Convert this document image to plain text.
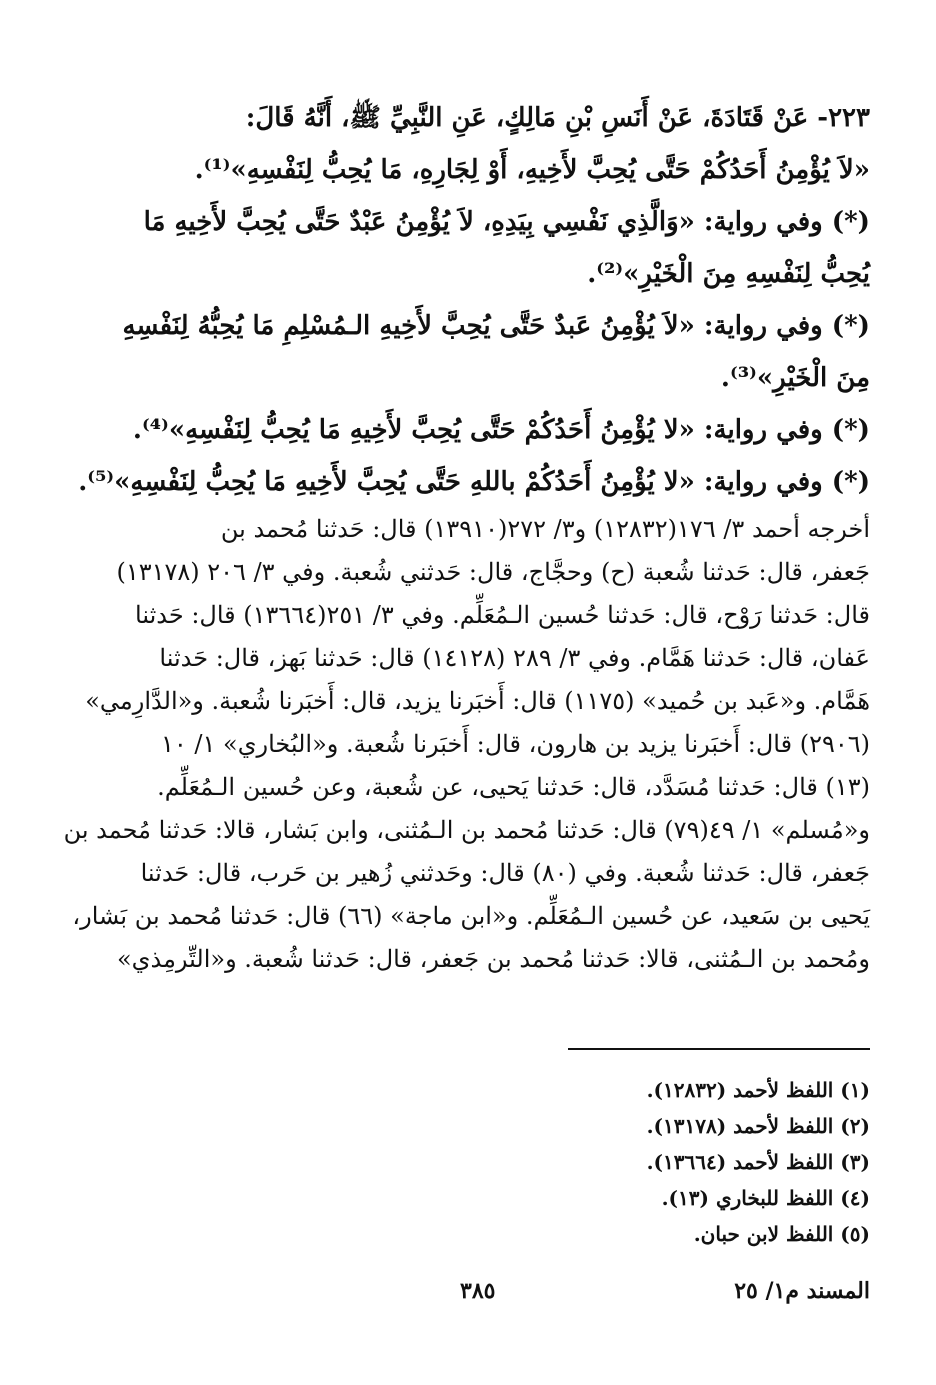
٢٢٣- عَنْ قَتَادَةَ، عَنْ أَنَسِ بْنِ مَالِكٍ، عَنِ النَّبِيِّ ﷺ، أَنَّهُ قَالَ:
«لاَ يُؤْمِنُ أَحَدُكُمْ حَتَّى يُحِبَّ لأَخِيهِ، أَوْ لِجَارِهِ، مَا يُحِبُّ لِنَفْسِهِ»⁽¹⁾.
(*) وفي رواية: «وَالَّذِي نَفْسِي بِيَدِهِ، لاَ يُؤْمِنُ عَبْدٌ حَتَّى يُحِبَّ لأَخِيهِ مَا
يُحِبُّ لِنَفْسِهِ مِنَ الْخَيْرِ»⁽²⁾.
(*) وفي رواية: «لاَ يُؤْمِنُ عَبدٌ حَتَّى يُحِبَّ لأَخِيهِ الـمُسْلِمِ مَا يُحِبُّهُ لِنَفْسِهِ
مِنَ الْخَيْرِ»⁽³⁾.
(*) وفي رواية: «لا يُؤْمِنُ أَحَدُكُمْ حَتَّى يُحِبَّ لأَخِيهِ مَا يُحِبُّ لِنَفْسِهِ»⁽⁴⁾.
(*) وفي رواية: «لا يُؤْمِنُ أَحَدُكُمْ باللهِ حَتَّى يُحِبَّ لأَخِيهِ مَا يُحِبُّ لِنَفْسِهِ»⁽⁵⁾.
أخرجه أحمد ٣/ ١٧٦(١٢٨٣٢) و٣/ ٢٧٢(١٣٩١٠) قال: حَدثنا مُحمد بن
جَعفر، قال: حَدثنا شُعبة (ح) وحجَّاج، قال: حَدثني شُعبة. وفي ٣/ ٢٠٦ (١٣١٧٨)
قال: حَدثنا رَوْح، قال: حَدثنا حُسين الـمُعَلِّم. وفي ٣/ ٢٥١(١٣٦٦٤) قال: حَدثنا
عَفان، قال: حَدثنا هَمَّام. وفي ٣/ ٢٨٩ (١٤١٢٨) قال: حَدثنا بَهز، قال: حَدثنا
هَمَّام. و«عَبد بن حُميد» (١١٧٥) قال: أَخبَرنا يزيد، قال: أَخبَرنا شُعبة. و«الدَّارِمي»
(٢٩٠٦) قال: أَخبَرنا يزيد بن هارون، قال: أَخبَرنا شُعبة. و«البُخاري» ١/ ١٠
(١٣) قال: حَدثنا مُسَدَّد، قال: حَدثنا يَحيى، عن شُعبة، وعن حُسين الـمُعَلِّم.
و«مُسلم» ١/ ٤٩(٧٩) قال: حَدثنا مُحمد بن الـمُثنى، وابن بَشار، قالا: حَدثنا مُحمد بن
جَعفر، قال: حَدثنا شُعبة. وفي (٨٠) قال: وحَدثني زُهير بن حَرب، قال: حَدثنا
يَحيى بن سَعيد، عن حُسين الـمُعَلِّم. و«ابن ماجة» (٦٦) قال: حَدثنا مُحمد بن بَشار،
ومُحمد بن الـمُثنى، قالا: حَدثنا مُحمد بن جَعفر، قال: حَدثنا شُعبة. و«التِّرمِذي»
(١) اللفظ لأحمد (١٢٨٣٢).
(٢) اللفظ لأحمد (١٣١٧٨).
(٣) اللفظ لأحمد (١٣٦٦٤).
(٤) اللفظ للبخاري (١٣).
(٥) اللفظ لابن حبان.
المسند م١/ ٢٥
٣٨٥
